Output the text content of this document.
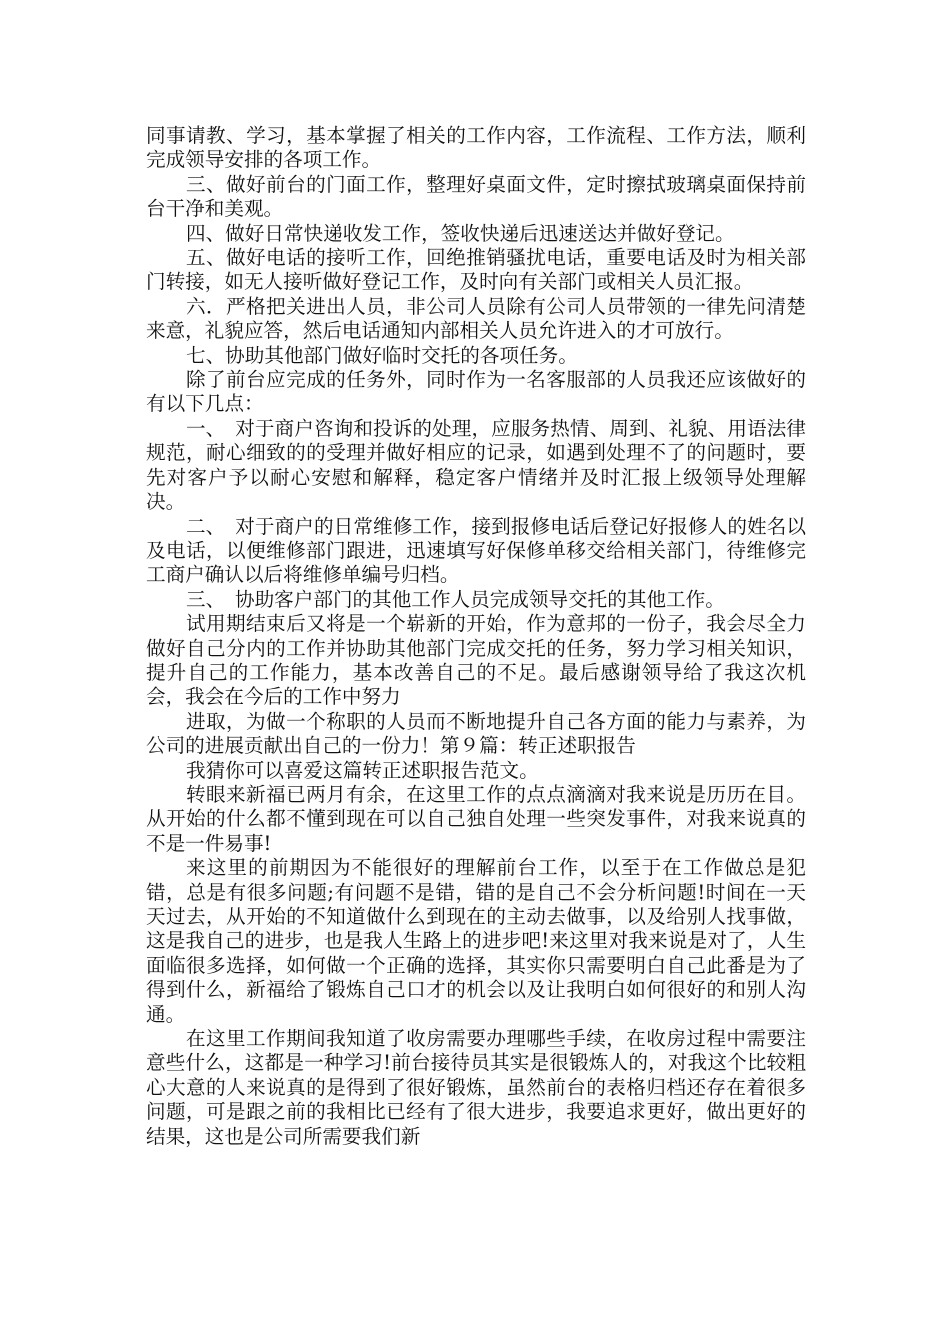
同事请教、学习，基本掌握了相关的工作内容，工作流程、工作方法，顺利完成领导安排的各项工作。

三、做好前台的门面工作，整理好桌面文件，定时擦拭玻璃桌面保持前台干净和美观。

四、做好日常快递收发工作，签收快递后迅速送达并做好登记。

五、做好电话的接听工作，回绝推销骚扰电话，重要电话及时为相关部门转接，如无人接听做好登记工作，及时向有关部门或相关人员汇报。

六．严格把关进出人员，非公司人员除有公司人员带领的一律先问清楚来意，礼貌应答，然后电话通知内部相关人员允许进入的才可放行。

七、协助其他部门做好临时交托的各项任务。

除了前台应完成的任务外，同时作为一名客服部的人员我还应该做好的有以下几点：

一、　对于商户咨询和投诉的处理，应服务热情、周到、礼貌、用语法律规范，耐心细致的的受理并做好相应的记录，如遇到处理不了的问题时，要先对客户予以耐心安慰和解释，稳定客户情绪并及时汇报上级领导处理解决。

二、　对于商户的日常维修工作，接到报修电话后登记好报修人的姓名以及电话，以便维修部门跟进，迅速填写好保修单移交给相关部门，待维修完工商户确认以后将维修单编号归档。

三、　协助客户部门的其他工作人员完成领导交托的其他工作。

试用期结束后又将是一个崭新的开始，作为意邦的一份子，我会尽全力做好自己分内的工作并协助其他部门完成交托的任务，努力学习相关知识，提升自己的工作能力，基本改善自己的不足。最后感谢领导给了我这次机会，我会在今后的工作中努力

进取，为做一个称职的人员而不断地提升自己各方面的能力与素养，为公司的进展贡献出自己的一份力！第９篇：转正述职报告

我猜你可以喜爱这篇转正述职报告范文。

转眼来新福已两月有余，在这里工作的点点滴滴对我来说是历历在目。从开始的什么都不懂到现在可以自己独自处理一些突发事件，对我来说真的不是一件易事!

来这里的前期因为不能很好的理解前台工作，以至于在工作做总是犯错，总是有很多问题;有问题不是错，错的是自己不会分析问题!时间在一天天过去，从开始的不知道做什么到现在的主动去做事，以及给别人找事做，这是我自己的进步，也是我人生路上的进步吧!来这里对我来说是对了，人生面临很多选择，如何做一个正确的选择，其实你只需要明白自己此番是为了得到什么，新福给了锻炼自己口才的机会以及让我明白如何很好的和别人沟通。

在这里工作期间我知道了收房需要办理哪些手续，在收房过程中需要注意些什么，这都是一种学习!前台接待员其实是很锻炼人的，对我这个比较粗心大意的人来说真的是得到了很好锻炼，虽然前台的表格归档还存在着很多问题，可是跟之前的我相比已经有了很大进步，我要追求更好，做出更好的结果，这也是公司所需要我们新
